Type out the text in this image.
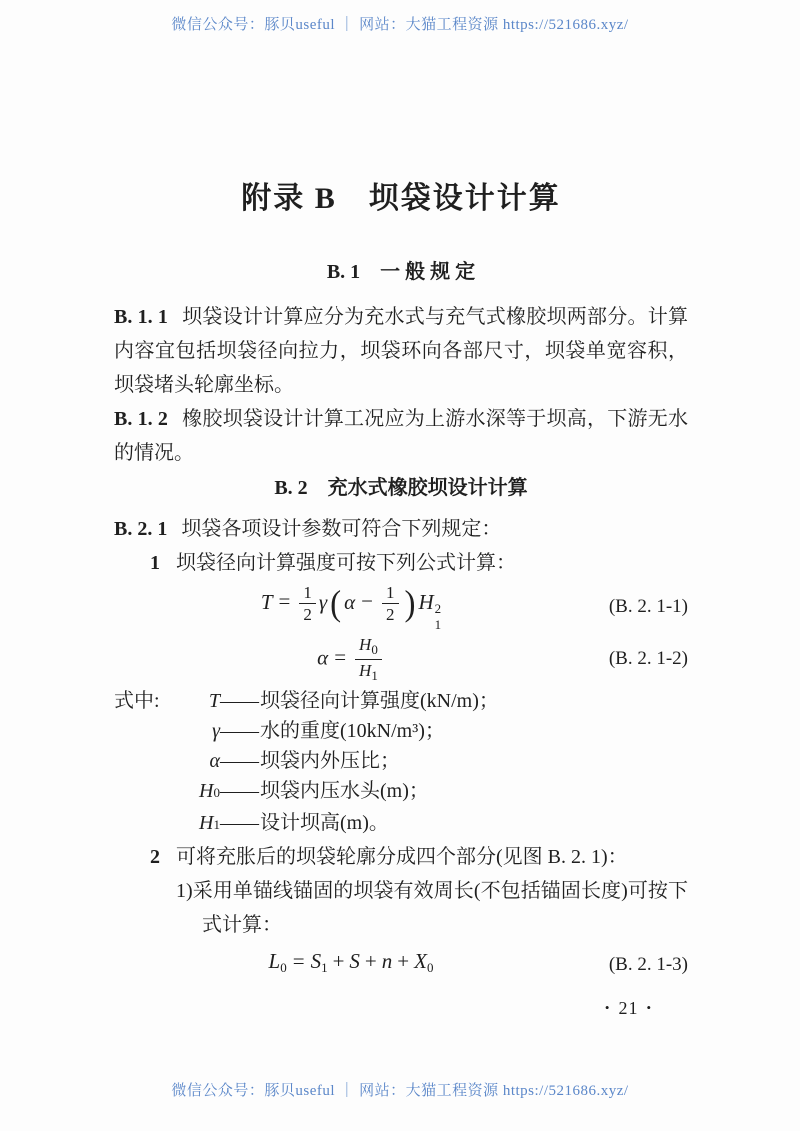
微信公众号：豚贝useful ｜ 网站：大猫工程资源 https://521686.xyz/
附录 B　坝袋设计计算
B. 1　一 般 规 定

B. 1. 1 坝袋设计计算应分为充水式与充气式橡胶坝两部分。计算内容宜包括坝袋径向拉力，坝袋环向各部尺寸，坝袋单宽容积，坝袋堵头轮廓坐标。

B. 1. 2 橡胶坝袋设计计算工况应为上游水深等于坝高，下游无水的情况。

B. 2　充水式橡胶坝设计计算

B. 2. 1 坝袋各项设计参数可符合下列规定：

1 坝袋径向计算强度可按下列公式计算：

$T = \frac{1}{2} \gamma$( $\alpha - \frac{1}{2}$ ) H 2
1
(B. 2. 1-1)
$\alpha = \frac{H_0}{H_1}$	(B. 2. 1-2)
式中:	T —— 坝袋径向计算强度(kN/m)；
γ —— 水的重度(10kN/m³)；
α —— 坝袋内外压比；
H 0 —— 坝袋内压水头(m)；
H 1 —— 设计坝高(m)。

2 可将充胀后的坝袋轮廓分成四个部分(见图 B. 2. 1)：

1)采用单锚线锚固的坝袋有效周长(不包括锚固长度)可按下式计算：

L0 = S1 + S + n + X0	(B. 2. 1-3)
• 21 •
微信公众号：豚贝useful ｜ 网站：大猫工程资源 https://521686.xyz/
